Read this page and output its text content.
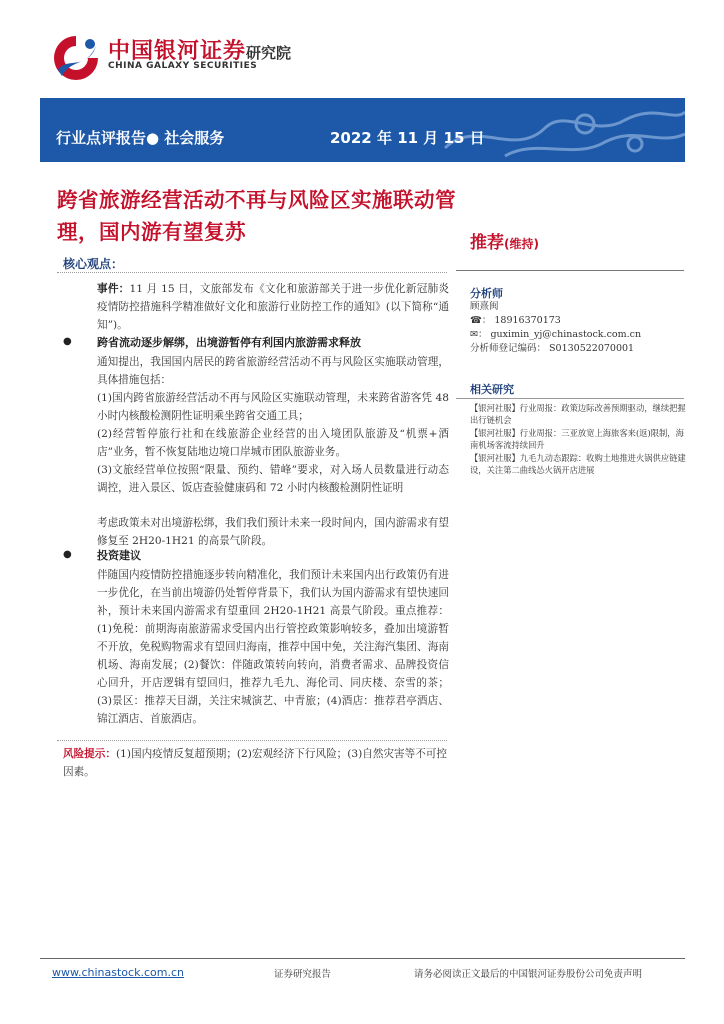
中国银河证券 研究院
CHINA GALAXY SECURITIES
行业点评报告● 社会服务	2022 年 11 月 15 日
跨省旅游经营活动不再与风险区实施联动管理，国内游有望复苏	推荐(维持)
核心观点：
事件：11 月 15 日，文旅部发布《文化和旅游部关于进一步优化新冠肺炎疫情防控措施科学精准做好文化和旅游行业防控工作的通知》(以下简称“通知”)。
● 跨省流动逐步解绑，出境游暂停有利国内旅游需求释放
通知提出，我国国内居民的跨省旅游经营活动不再与风险区实施联动管理，具体措施包括：
(1)国内跨省旅游经营活动不再与风险区实施联动管理，未来跨省游客凭 48 小时内核酸检测阴性证明乘坐跨省交通工具；
(2)经营暂停旅行社和在线旅游企业经营的出入境团队旅游及“机票+酒店”业务，暂不恢复陆地边境口岸城市团队旅游业务。
(3)文旅经营单位按照“限量、预约、错峰”要求，对入场人员数量进行动态调控，进入景区、饭店查验健康码和 72 小时内核酸检测阴性证明
考虑政策未对出境游松绑，我们我们预计未来一段时间内，国内游需求有望修复至 2H20-1H21 的高景气阶段。
● 投资建议
伴随国内疫情防控措施逐步转向精准化，我们预计未来国内出行政策仍有进一步优化，在当前出境游仍处暂停背景下，我们认为国内游需求有望快速回补，预计未来国内游需求有望重回 2H20-1H21 高景气阶段。重点推荐：(1)免税：前期海南旅游需求受国内出行管控政策影响较多，叠加出境游暂不开放，免税购物需求有望回归海南，推荐中国中免，关注海汽集团、海南机场、海南发展；(2)餐饮：伴随政策转向转向，消费者需求、品牌投资信心回升，开店逻辑有望回归，推荐九毛九、海伦司、同庆楼、奈雪的茶；(3)景区：推荐天目湖，关注宋城演艺、中青旅；(4)酒店：推荐君亭酒店、锦江酒店、首旅酒店。
风险提示：(1)国内疫情反复超预期；(2)宏观经济下行风险；(3)自然灾害等不可控因素。
分析师
顾熹闽
☎： 18916370173
✉： guximin_yj@chinastock.com.cn
分析师登记编码： S0130522070001
相关研究
【银河社服】行业周报：政策边际改善预期驱动，继续把握出行链机会
【银河社服】行业周报：三亚放宽上海旅客来(返)限制，海南机场客流持续回升
【银河社服】九毛九动态跟踪：收购土地推进火锅供应链建设，关注第二曲线怂火锅开店进展
www.chinastock.com.cn	证券研究报告	请务必阅读正文最后的中国银河证券股份公司免责声明
